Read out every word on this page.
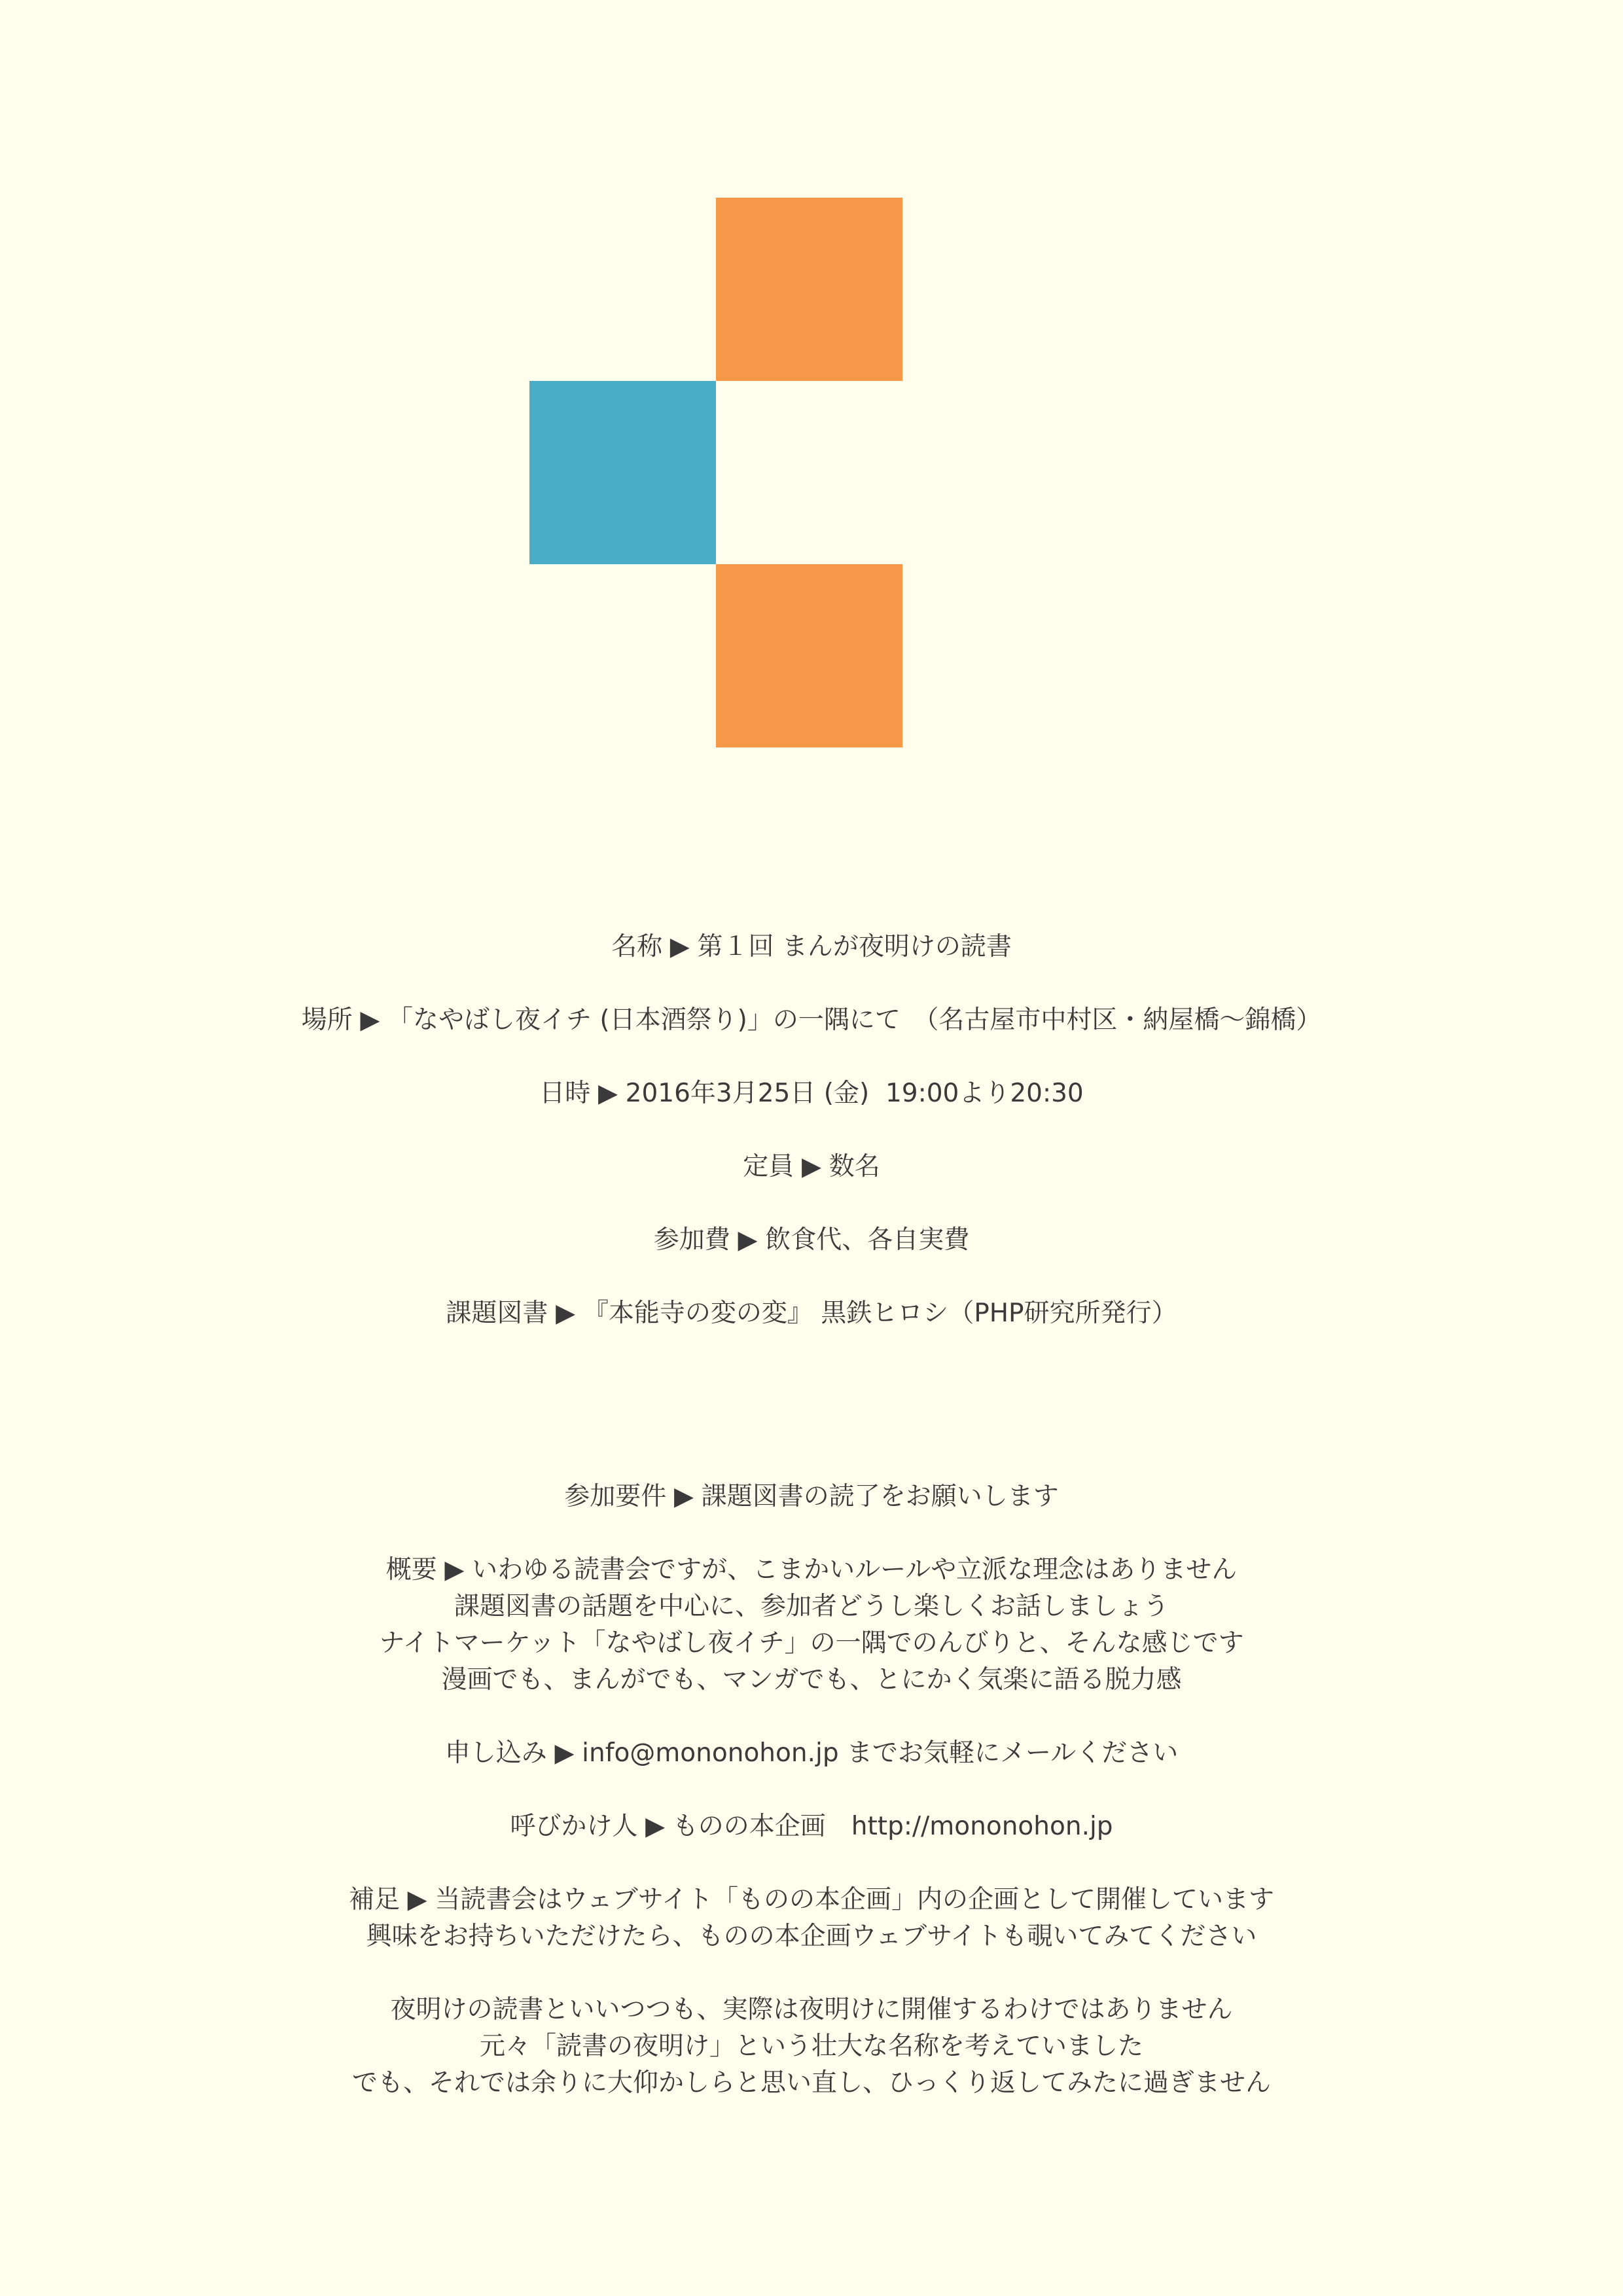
名称 ▶ 第１回 まんが夜明けの読書
場所 ▶ 「なやばし夜イチ (日本酒祭り)」の一隅にて　（名古屋市中村区・納屋橋〜錦橋）
日時 ▶ 2016年3月25日 (金)  19:00より20:30
定員 ▶ 数名
参加費 ▶ 飲食代、各自実費
課題図書 ▶ 『本能寺の変の変』 黒鉄ヒロシ（PHP研究所発行）
参加要件 ▶ 課題図書の読了をお願いします
概要 ▶ いわゆる読書会ですが、こまかいルールや立派な理念はありません
課題図書の話題を中心に、参加者どうし楽しくお話しましょう
ナイトマーケット「なやばし夜イチ」の一隅でのんびりと、そんな感じです
漫画でも、まんがでも、マンガでも、とにかく気楽に語る脱力感
申し込み ▶ info@mononohon.jp までお気軽にメールください
呼びかけ人 ▶ ものの本企画　http://mononohon.jp
補足 ▶ 当読書会はウェブサイト「ものの本企画」内の企画として開催しています
興味をお持ちいただけたら、ものの本企画ウェブサイトも覗いてみてください
夜明けの読書といいつつも、実際は夜明けに開催するわけではありません
元々「読書の夜明け」という壮大な名称を考えていました
でも、それでは余りに大仰かしらと思い直し、ひっくり返してみたに過ぎません
